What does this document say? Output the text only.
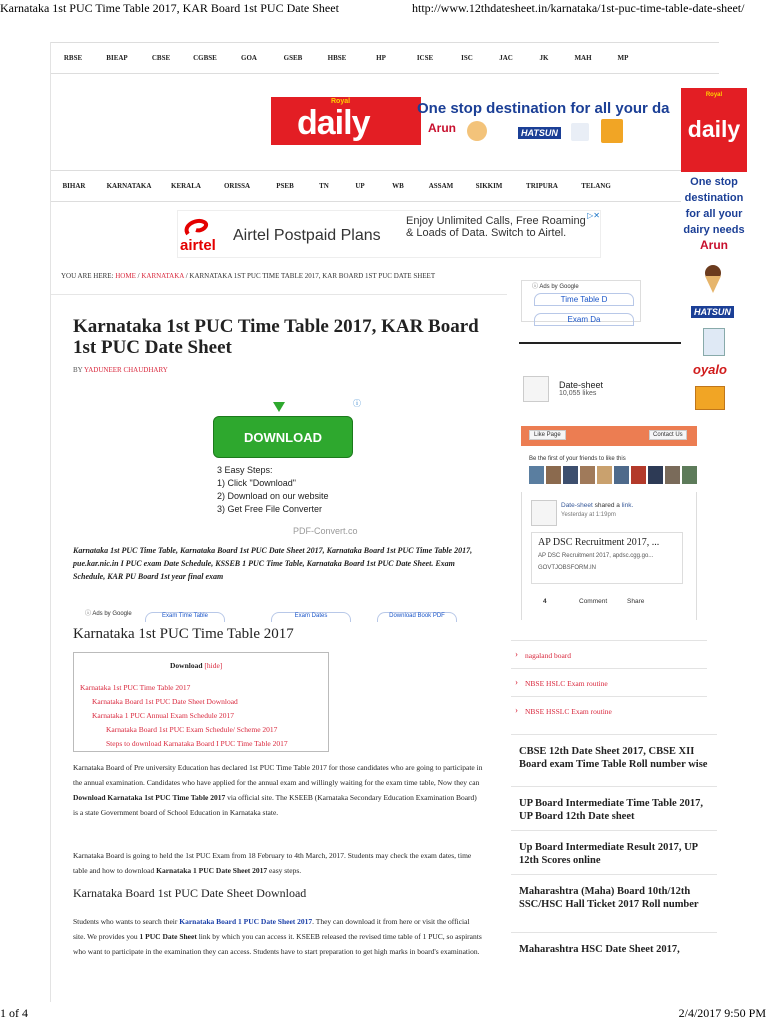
Karnataka 1st PUC Time Table 2017, KAR Board 1st PUC Date Sheet	http://www.12thdatesheet.in/karnataka/1st-puc-time-table-date-sheet/
1 of 4	2/4/2017 9:50 PM
RBSE	BIEAP	CBSE	CGBSE	GOA	GSEB	HBSE	HP	ICSE	ISC	JAC	JK	MAH	MP
Royal
daily	One stop destination for all your da
Arun	HATSUN
BIHAR	KARNATAKA	KERALA	ORISSA	PSEB	TN	UP	WB	ASSAM	SIKKIM	TRIPURA	TELANG
airtel
Airtel Postpaid Plans
Enjoy Unlimited Calls, Free Roaming & Loads of Data. Switch to Airtel.
▷✕
YOU ARE HERE: HOME / KARNATAKA / KARNATAKA 1ST PUC TIME TABLE 2017, KAR BOARD 1ST PUC DATE SHEET
Karnataka 1st PUC Time Table 2017, KAR Board 1st PUC Date Sheet
BY YADUNEER CHAUDHARY
ⓘ
DOWNLOAD
3 Easy Steps:
1) Click "Download"
2) Download on our website
3) Get Free File Converter
PDF-Convert.co
Karnataka 1st PUC Time Table, Karnataka Board 1st PUC Date Sheet 2017, Karnataka Board 1st PUC Time Table 2017, pue.kar.nic.in I PUC exam Date Schedule, KSSEB 1 PUC Time Table, Karnataka Board 1st PUC Date Sheet. Exam Schedule, KAR PU Board 1st year final exam
ⓘ Ads by Google	Exam Time Table	Exam Dates	Download Book PDF
Karnataka 1st PUC Time Table 2017
Download [hide]
Karnataka 1st PUC Time Table 2017
Karnataka Board 1st PUC Date Sheet Download
Karnataka 1 PUC Annual Exam Schedule 2017
Karnataka Board 1st PUC Exam Schedule/ Scheme 2017
Steps to download Karnataka Board I PUC Time Table 2017
Karnataka Board of Pre university Education has declared 1st PUC Time Table 2017 for those candidates who are going to participate in the annual examination. Candidates who have applied for the annual exam and willingly waiting for the exam time table, Now they can Download Karnataka 1st PUC Time Table 2017 via official site. The KSEEB (Karnataka Secondary Education Examination Board) is a state Government board of School Education in Karnataka state.
Karnataka Board is going to held the 1st PUC Exam from 18 February to 4th March, 2017. Students may check the exam dates, time table and how to download Karnataka 1 PUC Date Sheet 2017 easy steps.
Karnataka Board 1st PUC Date Sheet Download
Students who wants to search their Karnataka Board 1 PUC Date Sheet 2017. They can download it from here or visit the official site. We provides you 1 PUC Date Sheet link by which you can access it. KSEEB released the revised time table of 1 PUC, so aspirants who want to participate in the examination they can access. Students have to start preparation to get high marks in board's examination.
ⓘ Ads by Google
Time Table D
Exam Da
Date-sheet
10,055 likes
Like Page	Contact Us
Be the first of your friends to like this
Date-sheet shared a link.
Yesterday at 1:19pm
AP DSC Recruitment 2017, ...
AP DSC Recruitment 2017, apdsc.cgg.go...
GOVTJOBSFORM.IN
4	Comment	Share
› nagaland board
› NBSE HSLC Exam routine
› NBSE HSSLC Exam routine
CBSE 12th Date Sheet 2017, CBSE XII Board exam Time Table Roll number wise
UP Board Intermediate Time Table 2017, UP Board 12th Date sheet
Up Board Intermediate Result 2017, UP 12th Scores online
Maharashtra (Maha) Board 10th/12th SSC/HSC Hall Ticket 2017 Roll number
Maharashtra HSC Date Sheet 2017,
Royal
daily
One stop destination for all your dairy needs
Arun
HATSUN
oyalo
